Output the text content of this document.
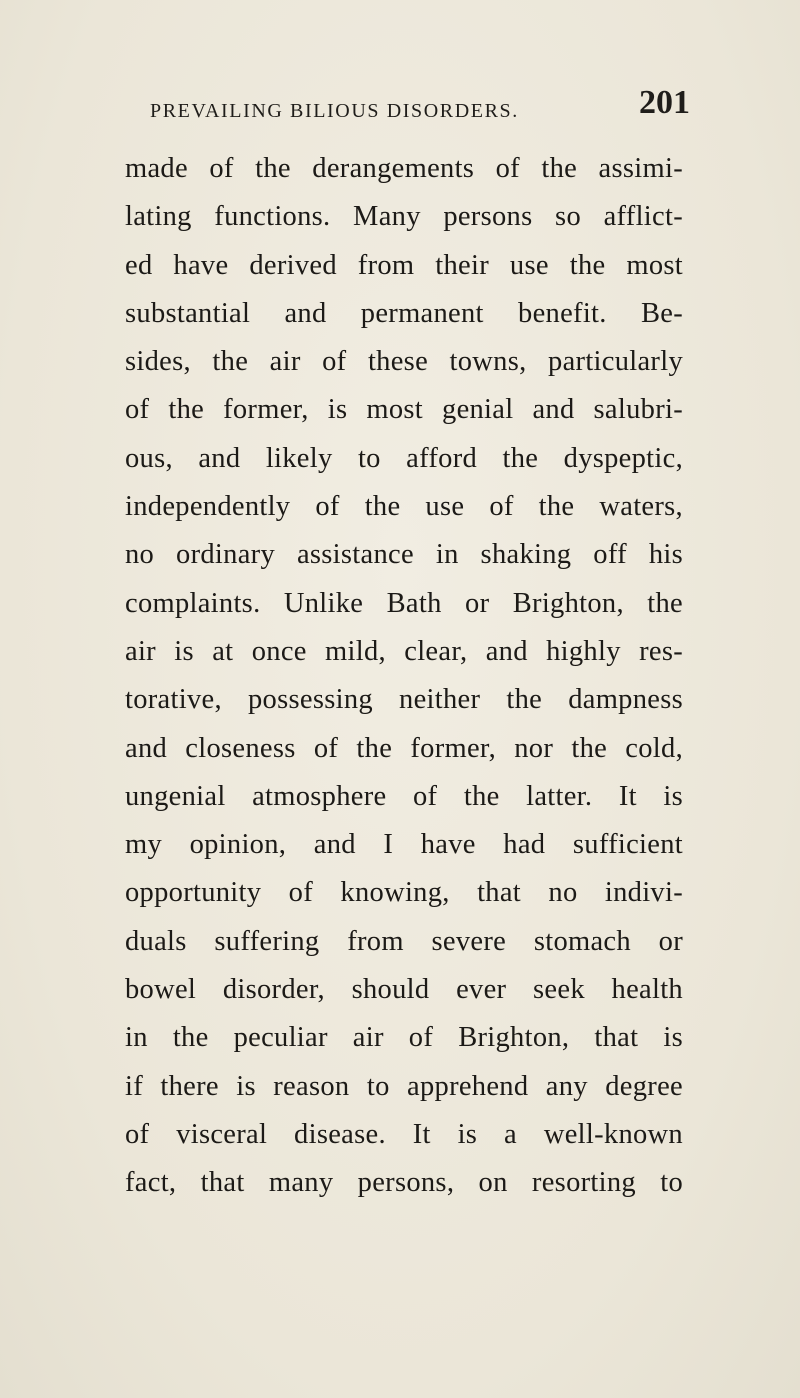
PREVAILING BILIOUS DISORDERS.	201
made of the derangements of the assimi-
lating functions. Many persons so afflict-
ed have derived from their use the most
substantial and permanent benefit. Be-
sides, the air of these towns, particularly
of the former, is most genial and salubri-
ous, and likely to afford the dyspeptic,
independently of the use of the waters,
no ordinary assistance in shaking off his
complaints. Unlike Bath or Brighton, the
air is at once mild, clear, and highly res-
torative, possessing neither the dampness
and closeness of the former, nor the cold,
ungenial atmosphere of the latter. It is
my opinion, and I have had sufficient
opportunity of knowing, that no indivi-
duals suffering from severe stomach or
bowel disorder, should ever seek health
in the peculiar air of Brighton, that is
if there is reason to apprehend any degree
of visceral disease. It is a well-known
fact, that many persons, on resorting to
